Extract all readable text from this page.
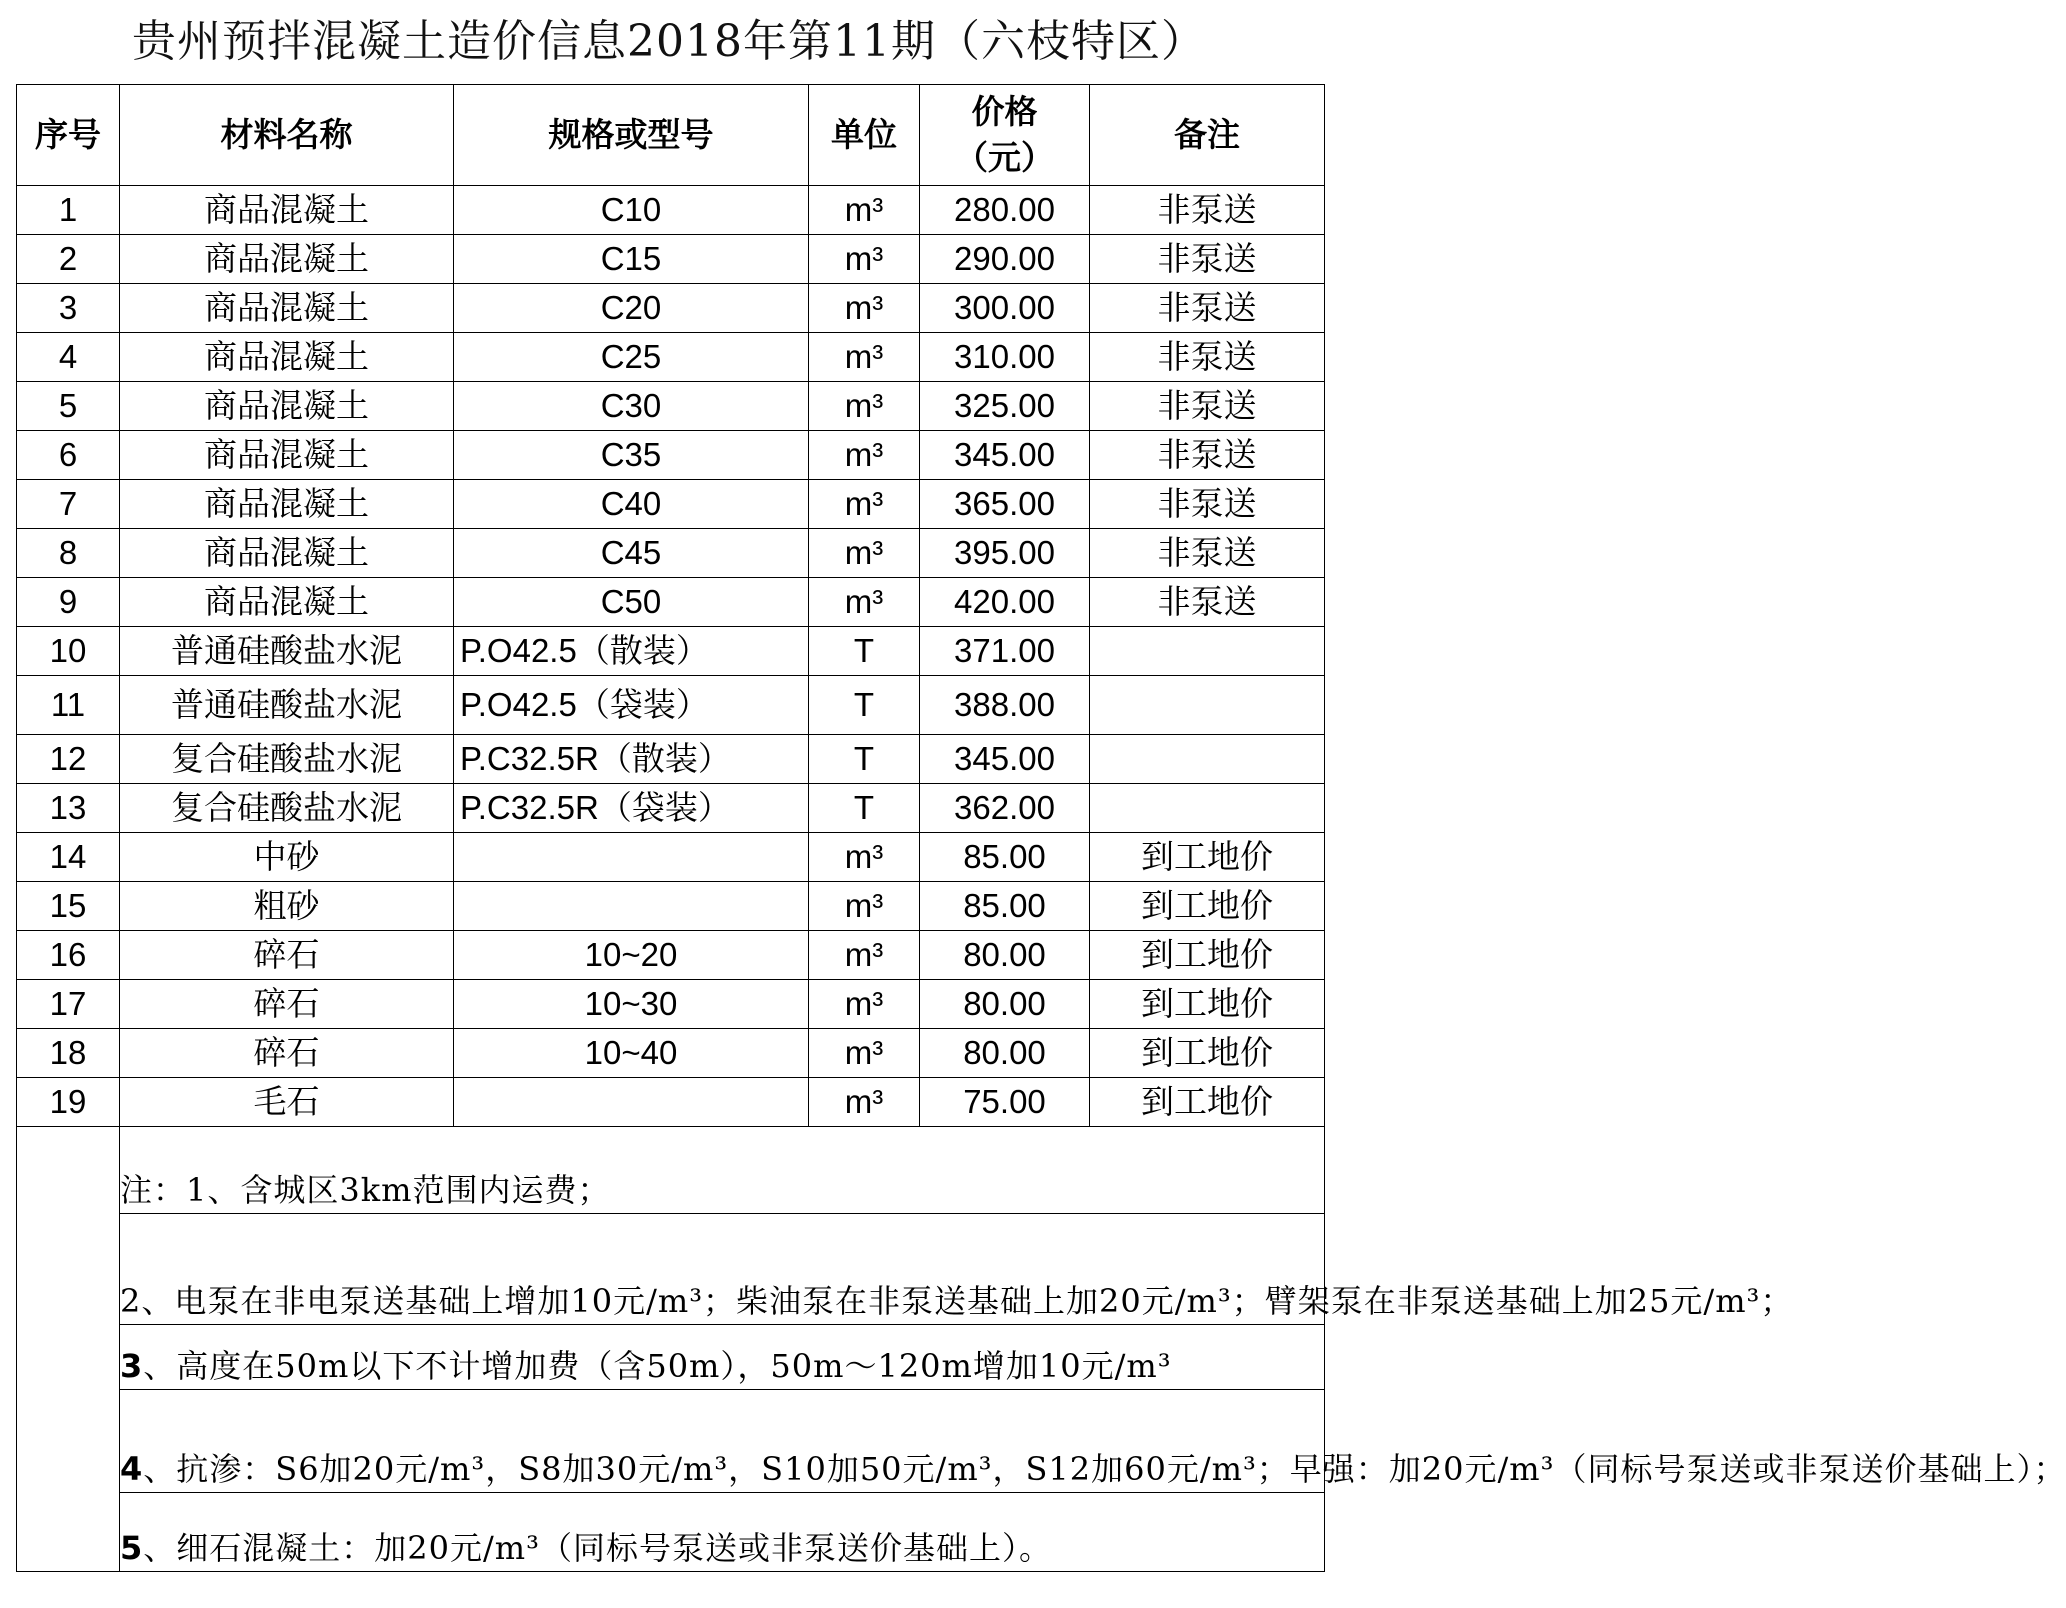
贵州预拌混凝土造价信息2018年第11期（六枝特区）
序号	材料名称	规格或型号	单位	价格
（元）	备注
1	商品混凝土	C10	m³	280.00	非泵送
2	商品混凝土	C15	m³	290.00	非泵送
3	商品混凝土	C20	m³	300.00	非泵送
4	商品混凝土	C25	m³	310.00	非泵送
5	商品混凝土	C30	m³	325.00	非泵送
6	商品混凝土	C35	m³	345.00	非泵送
7	商品混凝土	C40	m³	365.00	非泵送
8	商品混凝土	C45	m³	395.00	非泵送
9	商品混凝土	C50	m³	420.00	非泵送
10	普通硅酸盐水泥	P.O42.5（散装）	T	371.00	
11	普通硅酸盐水泥	P.O42.5（袋装）	T	388.00	
12	复合硅酸盐水泥	P.C32.5R（散装）	T	345.00	
13	复合硅酸盐水泥	P.C32.5R（袋装）	T	362.00	
14	中砂		m³	85.00	到工地价
15	粗砂		m³	85.00	到工地价
16	碎石	10~20	m³	80.00	到工地价
17	碎石	10~30	m³	80.00	到工地价
18	碎石	10~40	m³	80.00	到工地价
19	毛石		m³	75.00	到工地价
	注：1、含城区3km范围内运费；				
	2、电泵在非电泵送基础上增加10元/m³；柴油泵在非泵送基础上加20元/m³；臂架泵在非泵送基础上加25元/m³；				
	3、高度在50m以下不计增加费（含50m），50m～120m增加10元/m³				
	4、抗渗：S6加20元/m³，S8加30元/m³，S10加50元/m³，S12加60元/m³；早强：加20元/m³（同标号泵送或非泵送价基础上）；				
	5、细石混凝土：加20元/m³（同标号泵送或非泵送价基础上）。				
